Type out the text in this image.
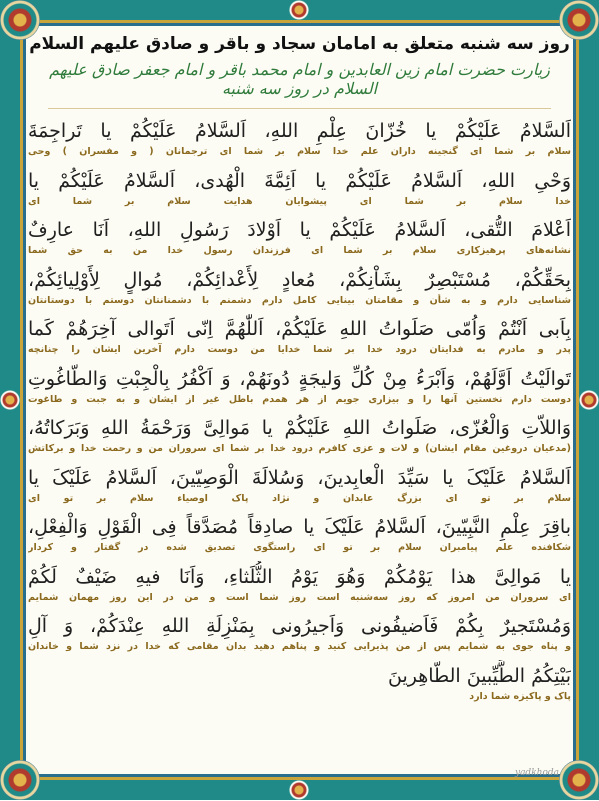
روز سه شنبه متعلق به امامان سجاد و باقر و صادق علیهم السلام
زیارت حضرت امام زین العابدین و امام محمد باقر و امام جعفر صادق علیهم السلام در روز سه شنبه
اَلسَّلامُ عَلَیْکُمْ یا خُزّانَ عِلْمِ اللهِ، اَلسَّلامُ عَلَیْکُمْ یا تَراجِمَةَ
سلام بر شما ای گنجینه داران علم خدا سلام بر شما ای ترجمانان ( و مفسران ) وحی
وَحْیِ اللهِ، اَلسَّلامُ عَلَیْکُمْ یا اَئِمَّةَ الْهُدی، اَلسَّلامُ عَلَیْکُمْ یا
خدا سلام بر شما ای پیشوایان هدایت سلام بر شما ای
اَعْلامَ التُّقی، اَلسَّلامُ عَلَیْکُمْ یا اَوْلادَ رَسُولِ اللهِ، اَنَا عارِفٌ
نشانه‌های پرهیزکاری سلام بر شما ای فرزندان رسول خدا من به حق شما
بِحَقِّکُمْ، مُسْتَبْصِرٌ بِشَاْنِکُمْ، مُعادٍ لِأَعْدائِکُمْ، مُوالٍ لِأَوْلِیائِکُمْ،
شناسایی دارم و به شأن و مقامتان بینایی کامل دارم دشمنم با دشمنانتان دوستم با دوستانتان
بِاَبی اَنْتُمْ وَاُمّی صَلَواتُ اللهِ عَلَیْکُمْ، اَللّٰهُمَّ اِنّی اَتَوالی آخِرَهُمْ کَما
پدر و مادرم به فدایتان درود خدا بر شما خدایا من دوست دارم آخرین ایشان را چنانچه
تَوالَیْتُ اَوَّلَهُمْ، وَاَبْرَءُ مِنْ کُلِّ وَلیجَةٍ دُونَهُمْ، وَ اَکْفُرُ بِالْجِبْتِ وَالطّاغُوتِ
دوست دارم نخستین آنها را و بیزاری جویم از هر همدم باطل غیر از ایشان و به جبت و طاغوت
وَاللاّتِ وَالْعُزّی، صَلَواتُ اللهِ عَلَیْکُمْ یا مَوالِیَّ وَرَحْمَةُ اللهِ وَبَرَکاتُهُ،
(مدعیان دروغین مقام ایشان) و لات و عزی کافرم درود خدا بر شما ای سروران من و رحمت خدا و برکاتش
اَلسَّلامُ عَلَیْکَ یا سَیِّدَ الْعابِدینَ، وَسُلالَةَ الْوَصِیّینَ، اَلسَّلامُ عَلَیْکَ یا
سلام بر تو ای بزرگ عابدان و نژاد پاک اوصیاء سلام بر تو ای
باقِرَ عِلْمِ النَّبِیّینَ، اَلسَّلامُ عَلَیْکَ یا صادِقاً مُصَدَّقاً فِی الْقَوْلِ وَالْفِعْلِ،
شکافنده علم پیامبران سلام بر تو ای راستگوی تصدیق شده در گفتار و کردار
یا مَوالِیَّ هذا یَوْمُکُمْ وَهُوَ یَوْمُ الثُّلَثاءِ، وَاَنَا فیهِ ضَیْفٌ لَکُمْ
ای سروران من امروز که روز سه‌شنبه است روز شما است و من در این روز مهمان شمایم
وَمُسْتَجیرٌ بِکُمْ فَاَضیفُونی وَاَجیرُونی بِمَنْزِلَةِ اللهِ عِنْدَکُمْ، وَ آلِ
و پناه جوی به شمایم پس از من پذیرایی کنید و پناهم دهید بدان مقامی که خدا در نزد شما و خاندان
بَیْتِکُمُ الطَّیِّبینَ الطّاهِرینَ
پاک و پاکیزه شما دارد
yadkhoda
